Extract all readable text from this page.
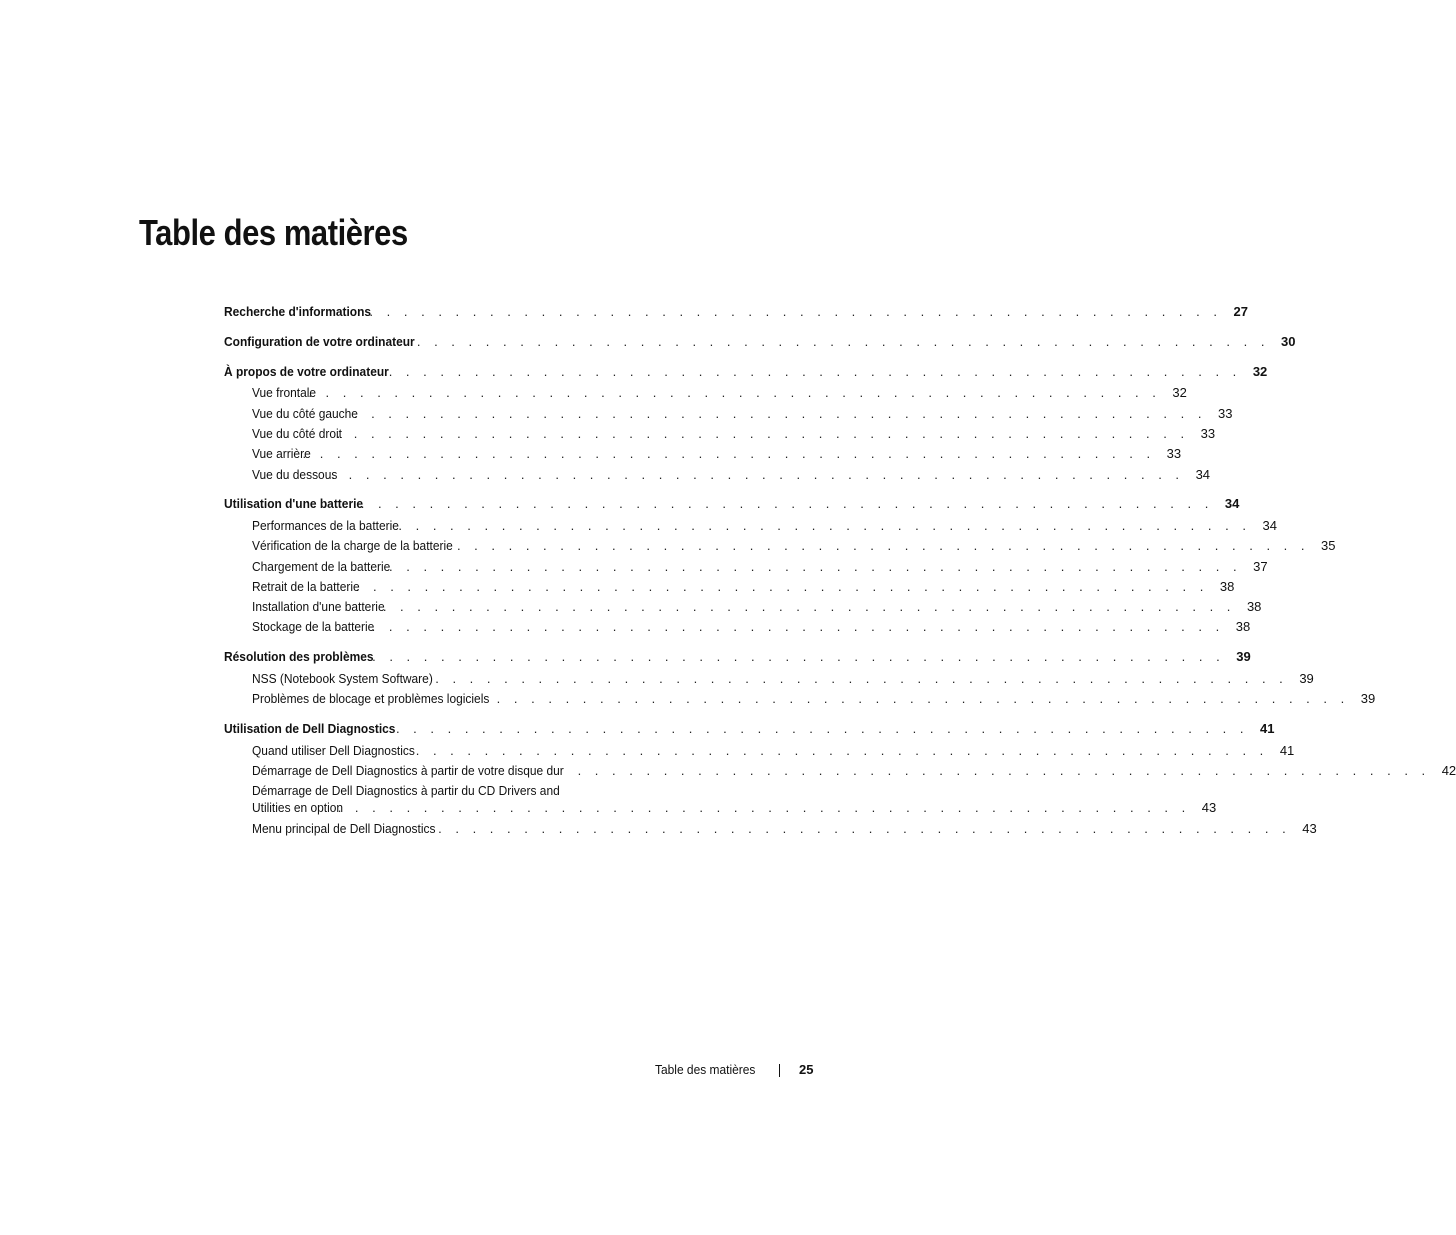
Table des matières
Recherche d'informations
. . . . . . . . . . . . . . . . . . . . . . . . . . . . . . . . . . . . . . . . . . . . . . . . . . 27
Configuration de votre ordinateur . . . . . . . . . . . . . . . . . . . . . . . . . . . . . . . . . . . . . . . . . . . . . . . . . . 30
À propos de votre ordinateur . . . . . . . . . . . . . . . . . . . . . . . . . . . . . . . . . . . . . . . . . . . . . . . . . . 32
Vue frontale
. . . . . . . . . . . . . . . . . . . . . . . . . . . . . . . . . . . . . . . . . . . . . . . . . . 32
Vue du côté gauche
. . . . . . . . . . . . . . . . . . . . . . . . . . . . . . . . . . . . . . . . . . . . . . . . . . 33
Vue du côté droit
. . . . . . . . . . . . . . . . . . . . . . . . . . . . . . . . . . . . . . . . . . . . . . . . . . 33
Vue arrière
. . . . . . . . . . . . . . . . . . . . . . . . . . . . . . . . . . . . . . . . . . . . . . . . . . 33
Vue du dessous
. . . . . . . . . . . . . . . . . . . . . . . . . . . . . . . . . . . . . . . . . . . . . . . . . . 34
Utilisation d'une batterie
. . . . . . . . . . . . . . . . . . . . . . . . . . . . . . . . . . . . . . . . . . . . . . . . . . 34
Performances de la batterie . . . . . . . . . . . . . . . . . . . . . . . . . . . . . . . . . . . . . . . . . . . . . . . . . . 34
Vérification de la charge de la batterie . . . . . . . . . . . . . . . . . . . . . . . . . . . . . . . . . . . . . . . . . . . . . . . . . . 35
Chargement de la batterie
. . . . . . . . . . . . . . . . . . . . . . . . . . . . . . . . . . . . . . . . . . . . . . . . . . 37
Retrait de la batterie
. . . . . . . . . . . . . . . . . . . . . . . . . . . . . . . . . . . . . . . . . . . . . . . . . . 38
Installation d'une batterie
. . . . . . . . . . . . . . . . . . . . . . . . . . . . . . . . . . . . . . . . . . . . . . . . . . 38
Stockage de la batterie
. . . . . . . . . . . . . . . . . . . . . . . . . . . . . . . . . . . . . . . . . . . . . . . . . . 38
Résolution des problèmes
. . . . . . . . . . . . . . . . . . . . . . . . . . . . . . . . . . . . . . . . . . . . . . . . . . 39
NSS (Notebook System Software) . . . . . . . . . . . . . . . . . . . . . . . . . . . . . . . . . . . . . . . . . . . . . . . . . . 39
Problèmes de blocage et problèmes logiciels . . . . . . . . . . . . . . . . . . . . . . . . . . . . . . . . . . . . . . . . . . . . . . . . . . 39
Utilisation de Dell Diagnostics . . . . . . . . . . . . . . . . . . . . . . . . . . . . . . . . . . . . . . . . . . . . . . . . . . 41
Quand utiliser Dell Diagnostics . . . . . . . . . . . . . . . . . . . . . . . . . . . . . . . . . . . . . . . . . . . . . . . . . . 41
Démarrage de Dell Diagnostics à partir de votre disque dur . . . . . . . . . . . . . . . . . . . . . . . . . . . . . . . . . . . . . . . . . . . . . . . . . . 42
Démarrage de Dell Diagnostics à partir du CD Drivers and
Utilities en option
. . . . . . . . . . . . . . . . . . . . . . . . . . . . . . . . . . . . . . . . . . . . . . . . . . 43
Menu principal de Dell Diagnostics . . . . . . . . . . . . . . . . . . . . . . . . . . . . . . . . . . . . . . . . . . . . . . . . . . 43
Table des matières	25
